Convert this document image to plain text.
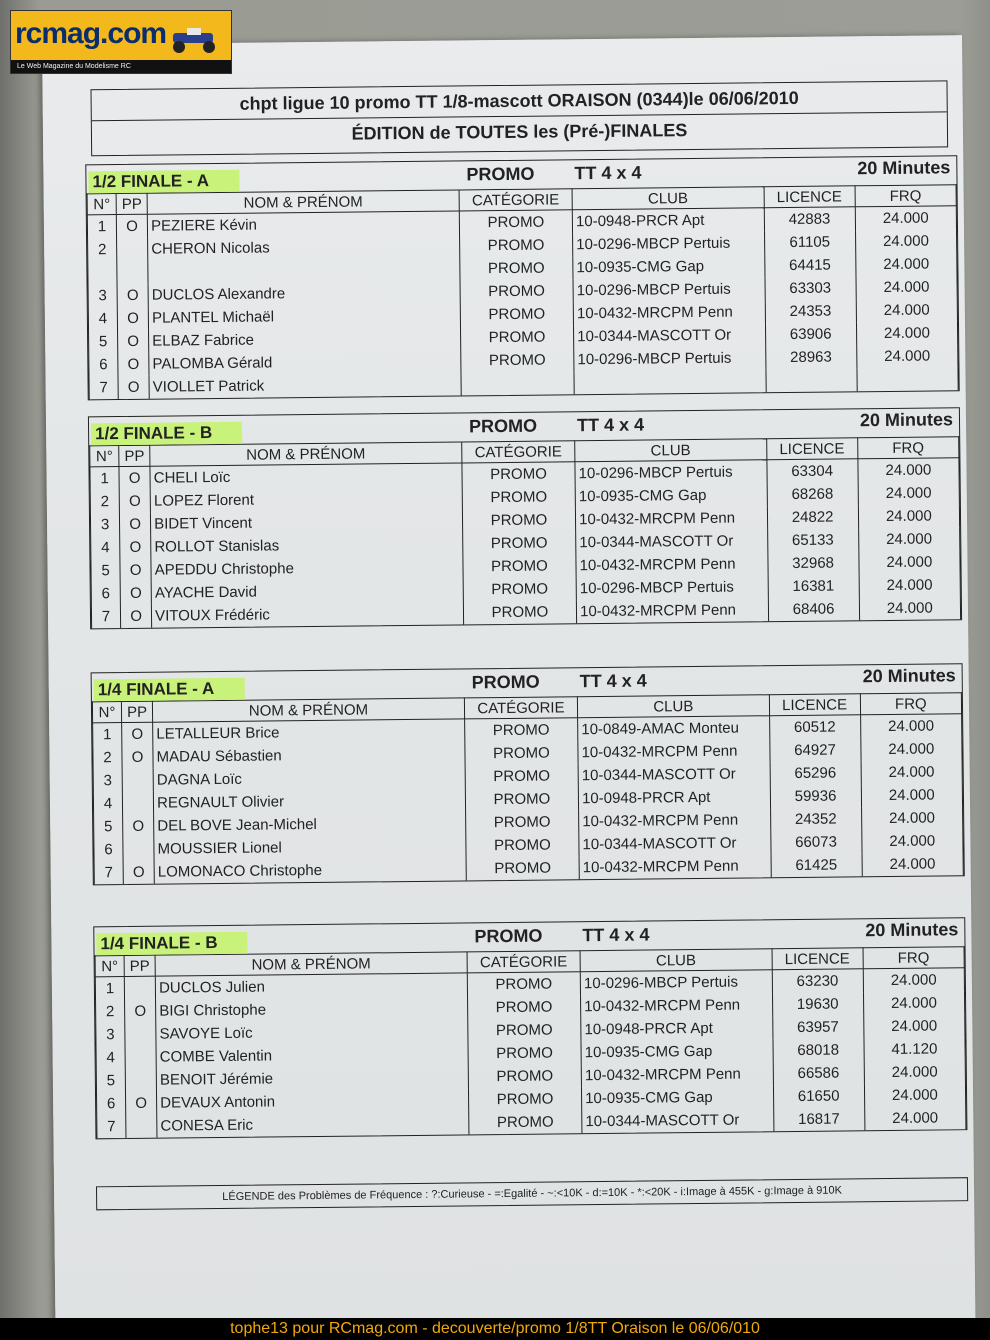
chpt ligue 10 promo TT 1/8-mascott ORAISON (0344)le 06/06/2010
ÉDITION de TOUTES les (Pré-)FINALES
1/2 FINALE - A	PROMO TT 4 x 4	20 Minutes
N°	PP	NOM & PRÉNOM	CATÉGORIE	CLUB	LICENCE	FRQ
1	O	PEZIERE Kévin	PROMO	10-0948-PRCR Apt	42883	24.000
2		CHERON Nicolas	PROMO	10-0296-MBCP Pertuis	61105	24.000
			PROMO	10-0935-CMG Gap	64415	24.000
3	O	DUCLOS Alexandre	PROMO	10-0296-MBCP Pertuis	63303	24.000
4	O	PLANTEL Michaël	PROMO	10-0432-MRCPM Penn	24353	24.000
5	O	ELBAZ Fabrice	PROMO	10-0344-MASCOTT Or	63906	24.000
6	O	PALOMBA Gérald	PROMO	10-0296-MBCP Pertuis	28963	24.000
7	O	VIOLLET Patrick				
1/2 FINALE - B	PROMO TT 4 x 4	20 Minutes
N°	PP	NOM & PRÉNOM	CATÉGORIE	CLUB	LICENCE	FRQ
1	O	CHELI Loïc	PROMO	10-0296-MBCP Pertuis	63304	24.000
2	O	LOPEZ Florent	PROMO	10-0935-CMG Gap	68268	24.000
3	O	BIDET Vincent	PROMO	10-0432-MRCPM Penn	24822	24.000
4	O	ROLLOT Stanislas	PROMO	10-0344-MASCOTT Or	65133	24.000
5	O	APEDDU Christophe	PROMO	10-0432-MRCPM Penn	32968	24.000
6	O	AYACHE David	PROMO	10-0296-MBCP Pertuis	16381	24.000
7	O	VITOUX Frédéric	PROMO	10-0432-MRCPM Penn	68406	24.000
1/4 FINALE - A	PROMO TT 4 x 4	20 Minutes
N°	PP	NOM & PRÉNOM	CATÉGORIE	CLUB	LICENCE	FRQ
1	O	LETALLEUR Brice	PROMO	10-0849-AMAC Monteu	60512	24.000
2	O	MADAU Sébastien	PROMO	10-0432-MRCPM Penn	64927	24.000
3		DAGNA Loïc	PROMO	10-0344-MASCOTT Or	65296	24.000
4		REGNAULT Olivier	PROMO	10-0948-PRCR Apt	59936	24.000
5	O	DEL BOVE Jean-Michel	PROMO	10-0432-MRCPM Penn	24352	24.000
6		MOUSSIER Lionel	PROMO	10-0344-MASCOTT Or	66073	24.000
7	O	LOMONACO Christophe	PROMO	10-0432-MRCPM Penn	61425	24.000
1/4 FINALE - B	PROMO TT 4 x 4	20 Minutes
N°	PP	NOM & PRÉNOM	CATÉGORIE	CLUB	LICENCE	FRQ
1		DUCLOS Julien	PROMO	10-0296-MBCP Pertuis	63230	24.000
2	O	BIGI Christophe	PROMO	10-0432-MRCPM Penn	19630	24.000
3		SAVOYE Loïc	PROMO	10-0948-PRCR Apt	63957	24.000
4		COMBE Valentin	PROMO	10-0935-CMG Gap	68018	41.120
5		BENOIT Jérémie	PROMO	10-0432-MRCPM Penn	66586	24.000
6	O	DEVAUX Antonin	PROMO	10-0935-CMG Gap	61650	24.000
7		CONESA Eric	PROMO	10-0344-MASCOTT Or	16817	24.000
LÉGENDE des Problèmes de Fréquence : ?:Curieuse - =:Egalité - ~:<10K - d:=10K - *:<20K - i:Image à 455K - g:Image à 910K
rcmag.com
Le Web Magazine du Modelisme RC
tophe13 pour RCmag.com - decouverte/promo 1/8TT Oraison le 06/06/010
